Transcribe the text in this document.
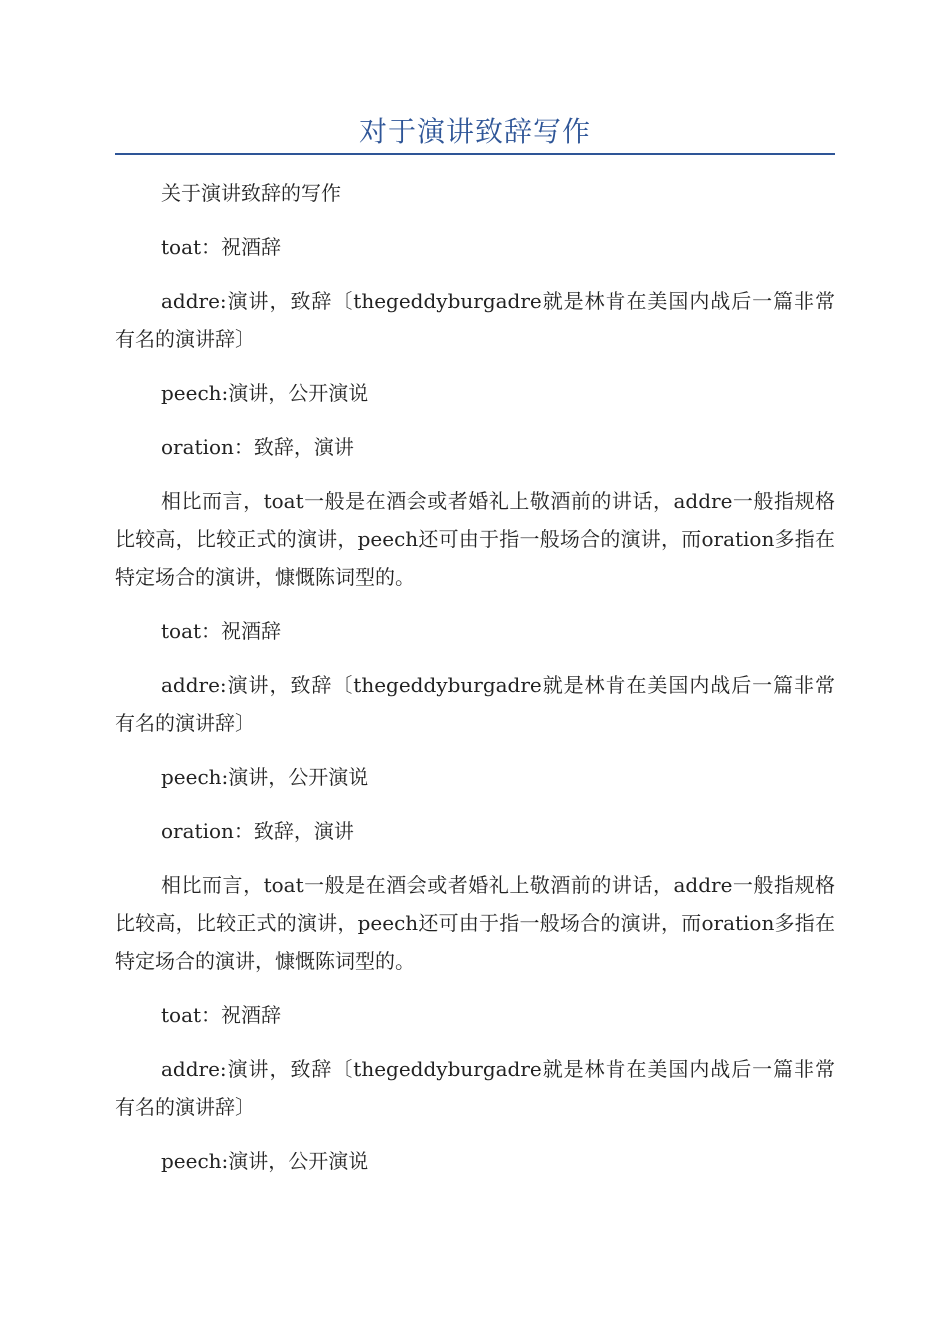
对于演讲致辞写作

关于演讲致辞的写作

toat：祝酒辞

addre:演讲，致辞〔thegeddyburgadre就是林肯在美国内战后一篇非常有名的演讲辞〕

peech:演讲，公开演说

oration：致辞，演讲

相比而言，toat一般是在酒会或者婚礼上敬酒前的讲话，addre一般指规格比较高，比较正式的演讲，peech还可由于指一般场合的演讲，而oration多指在特定场合的演讲，慷慨陈词型的。

toat：祝酒辞

addre:演讲，致辞〔thegeddyburgadre就是林肯在美国内战后一篇非常有名的演讲辞〕

peech:演讲，公开演说

oration：致辞，演讲

相比而言，toat一般是在酒会或者婚礼上敬酒前的讲话，addre一般指规格比较高，比较正式的演讲，peech还可由于指一般场合的演讲，而oration多指在特定场合的演讲，慷慨陈词型的。

toat：祝酒辞

addre:演讲，致辞〔thegeddyburgadre就是林肯在美国内战后一篇非常有名的演讲辞〕

peech:演讲，公开演说
